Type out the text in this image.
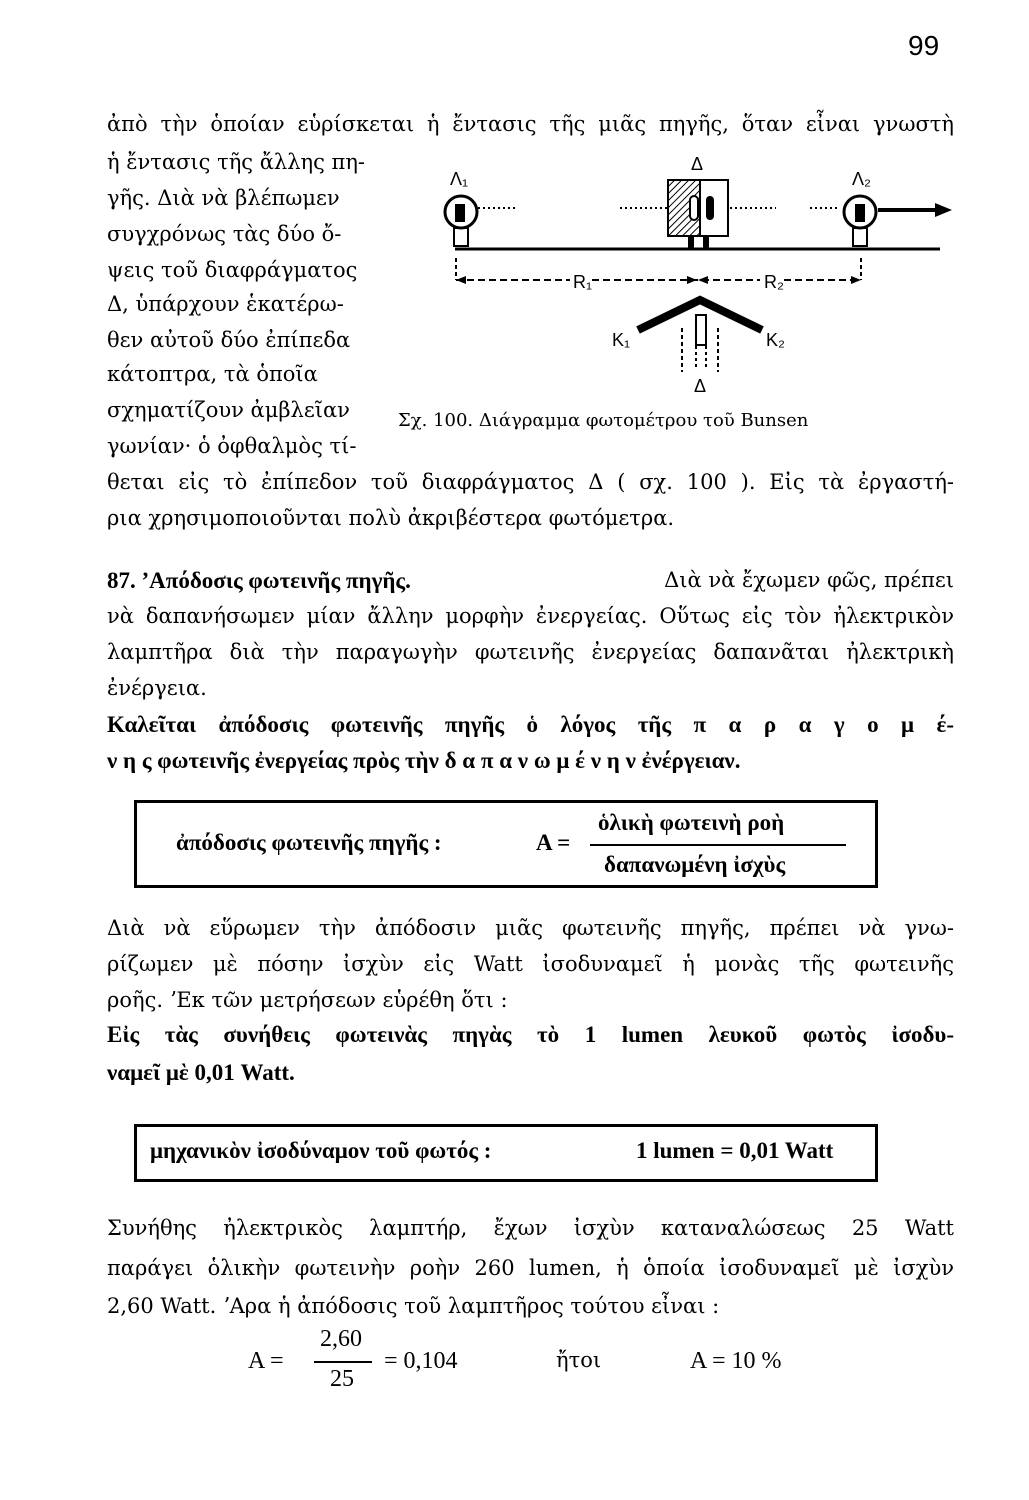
99
ἀπὸ τὴν ὁποίαν εὑρίσκεται ἡ ἔντασις τῆς μιᾶς πηγῆς, ὅταν εἶναι γνωστὴ
ἡ ἔντασις τῆς ἄλλης πη-
γῆς. Διὰ νὰ βλέπωμεν
συγχρόνως τὰς δύο ὄ-
ψεις τοῦ διαφράγματος
Δ, ὑπάρχουν ἑκατέρω-
θεν αὐτοῦ δύο ἐπίπεδα
κάτοπτρα, τὰ ὁποῖα
σχηματίζουν ἀμβλεῖαν
γωνίαν· ὁ ὀφθαλμὸς τί-
θεται εἰς τὸ ἐπίπεδον τοῦ διαφράγματος Δ ( σχ. 100 ). Εἰς τὰ ἐργαστή-
ρια χρησιμοποιοῦνται πολὺ ἀκριβέστερα φωτόμετρα.
Λ₁
Δ
Λ₂
R₁	R₂
K₁	K₂
Δ
Σχ. 100. Διάγραμμα φωτομέτρου τοῦ Bunsen
87. ʼΑπόδοσις φωτεινῆς πηγῆς.	Διὰ νὰ ἔχωμεν φῶς, πρέπει
νὰ δαπανήσωμεν μίαν ἄλλην μορφὴν ἐνεργείας. Οὕτως εἰς τὸν ἠλεκτρικὸν
λαμπτῆρα διὰ τὴν παραγωγὴν φωτεινῆς ἐνεργείας δαπανᾶται ἠλεκτρικὴ
ἐνέργεια.
Καλεῖται ἀπόδοσις φωτεινῆς πηγῆς ὁ λόγος τῆς π α ρ α γ ο μ έ-
ν η ς φωτεινῆς ἐνεργείας πρὸς τὴν δ α π α ν ω μ έ ν η ν ἐνέργειαν.
ἀπόδοσις φωτεινῆς πηγῆς :	A =
ὁλικὴ φωτεινὴ ροὴ
δαπανωμένη ἰσχὺς
Διὰ νὰ εὕρωμεν τὴν ἀπόδοσιν μιᾶς φωτεινῆς πηγῆς, πρέπει νὰ γνω-
ρίζωμεν μὲ πόσην ἰσχὺν εἰς Watt ἰσοδυναμεῖ ἡ μονὰς τῆς φωτεινῆς
ροῆς. ʼΕκ τῶν μετρήσεων εὑρέθη ὅτι :
Εἰς τὰς συνήθεις φωτεινὰς πηγὰς τὸ 1 lumen λευκοῦ φωτὸς ἰσοδυ-
ναμεῖ μὲ 0,01 Watt.
μηχανικὸν ἰσοδύναμον τοῦ φωτός :	1 lumen = 0,01 Watt
Συνήθης ἠλεκτρικὸς λαμπτήρ, ἔχων ἰσχὺν καταναλώσεως 25 Watt
παράγει ὁλικὴν φωτεινὴν ροὴν 260 lumen, ἡ ὁποία ἰσοδυναμεῖ μὲ ἰσχὺν
2,60 Watt. ʼΑρα ἡ ἀπόδοσις τοῦ λαμπτῆρος τούτου εἶναι :
A =
2,60
25
= 0,104	ἤτοι	A = 10 %
